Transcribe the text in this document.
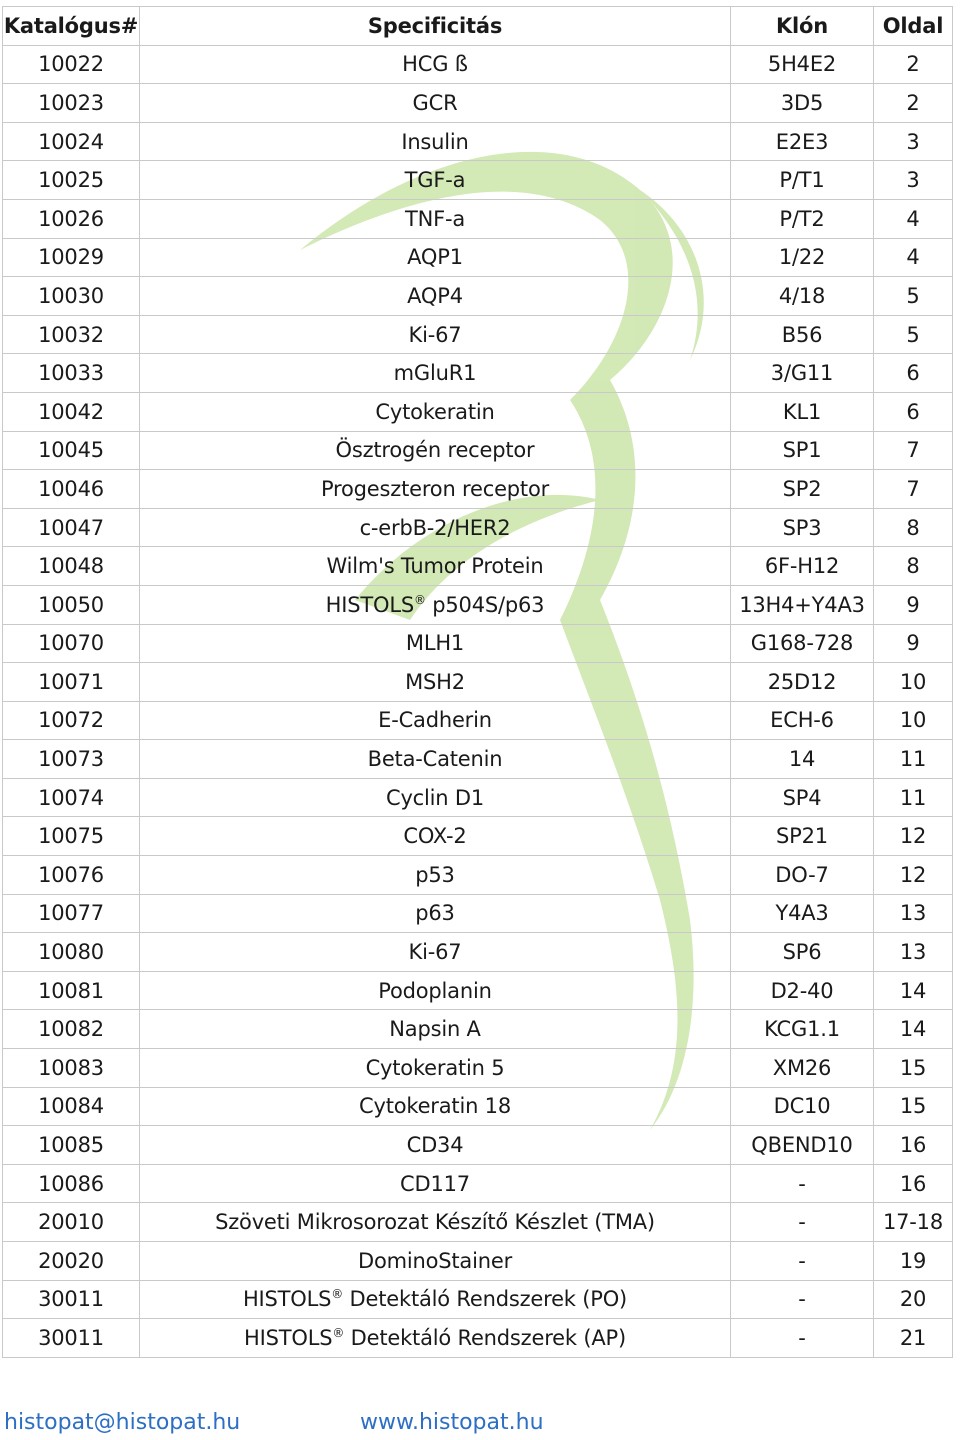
Katalógus#	Specificitás	Klón	Oldal
10022	HCG ß	5H4E2	2
10023	GCR	3D5	2
10024	Insulin	E2E3	3
10025	TGF-a	P/T1	3
10026	TNF-a	P/T2	4
10029	AQP1	1/22	4
10030	AQP4	4/18	5
10032	Ki-67	B56	5
10033	mGluR1	3/G11	6
10042	Cytokeratin	KL1	6
10045	Ösztrogén receptor	SP1	7
10046	Progeszteron receptor	SP2	7
10047	c-erbB-2/HER2	SP3	8
10048	Wilm's Tumor Protein	6F-H12	8
10050	HISTOLS® p504S/p63	13H4+Y4A3	9
10070	MLH1	G168-728	9
10071	MSH2	25D12	10
10072	E-Cadherin	ECH-6	10
10073	Beta-Catenin	14	11
10074	Cyclin D1	SP4	11
10075	COX-2	SP21	12
10076	p53	DO-7	12
10077	p63	Y4A3	13
10080	Ki-67	SP6	13
10081	Podoplanin	D2-40	14
10082	Napsin A	KCG1.1	14
10083	Cytokeratin 5	XM26	15
10084	Cytokeratin 18	DC10	15
10085	CD34	QBEND10	16
10086	CD117	-	16
20010	Szöveti Mikrosorozat Készítő Készlet (TMA)	-	17-18
20020	DominoStainer	-	19
30011	HISTOLS® Detektáló Rendszerek (PO)	-	20
30011	HISTOLS® Detektáló Rendszerek (AP)	-	21
histopat@histopat.hu	www.histopat.hu
